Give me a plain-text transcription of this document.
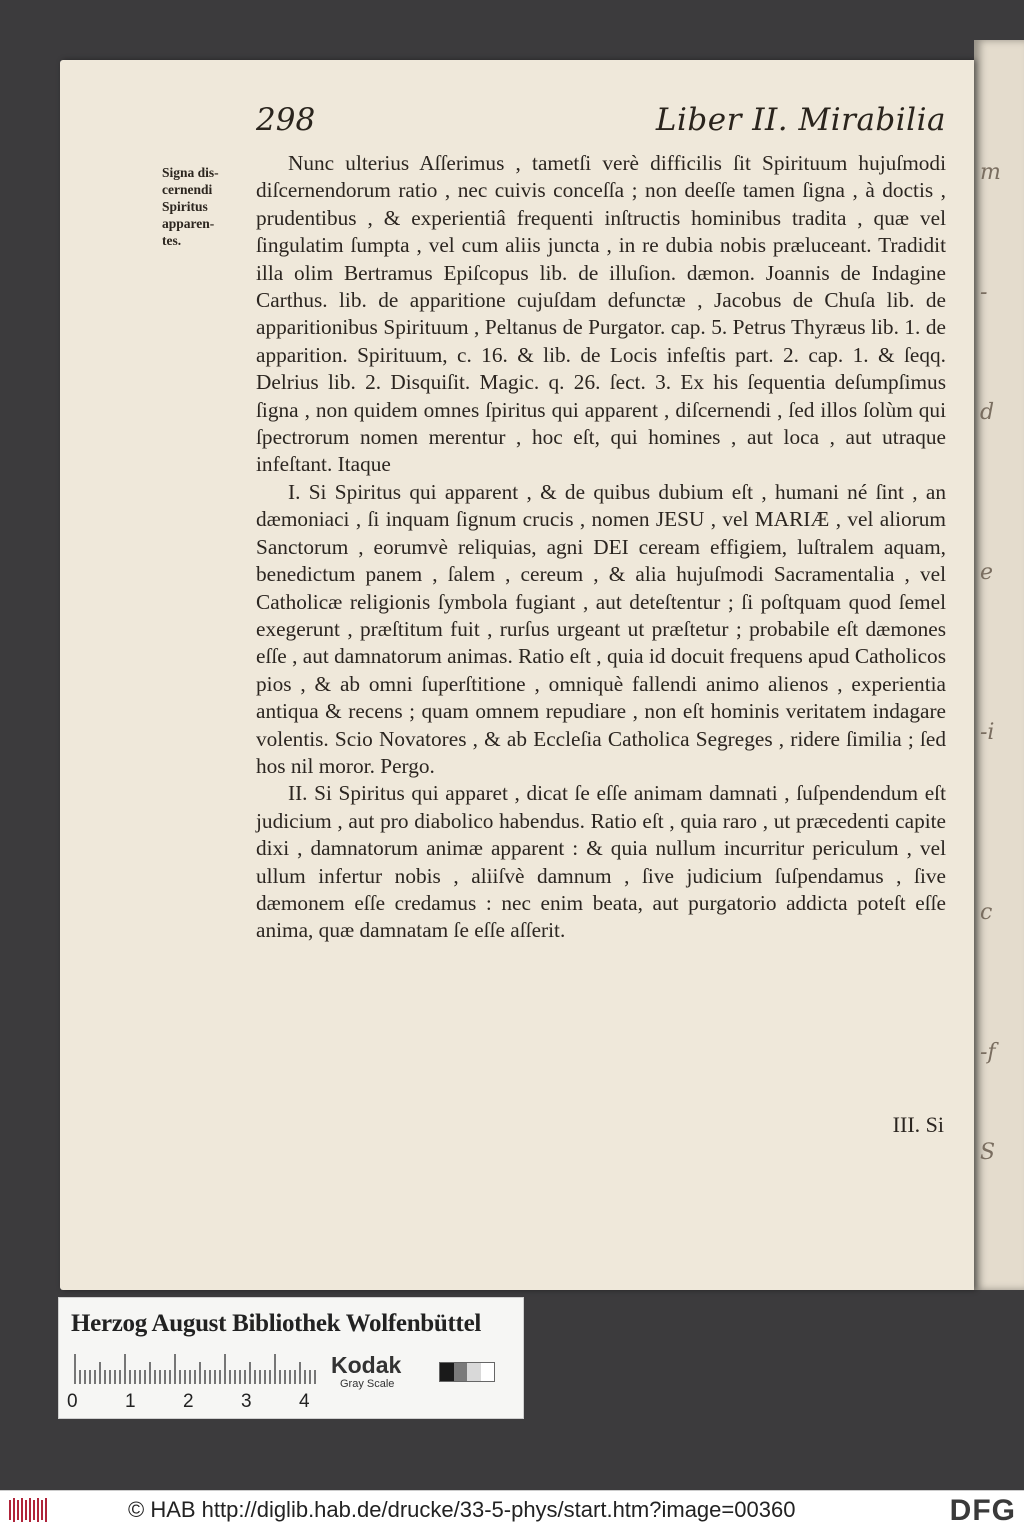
m
-
d
e
-i
c
-f
S
298	Liber II. Mirabilia
Signa dis-
cernendi
Spiritus
apparen-
tes.

Nunc ulterius Aſſerimus , tametſi verè difficilis ſit Spirituum hujuſmodi diſcernendorum ratio , nec cuivis conceſſa ; non deeſſe tamen ſigna , à doctis , prudentibus , & experientiâ frequenti inſtructis hominibus tradita , quæ vel ſingulatim ſumpta , vel cum aliis juncta , in re dubia nobis præluceant. Tradidit illa olim Bertramus Epiſcopus lib. de illuſion. dæmon. Joannis de Indagine Carthus. lib. de apparitione cujuſdam defunctæ , Jacobus de Chuſa lib. de apparitionibus Spirituum , Peltanus de Purgator. cap. 5. Petrus Thyræus lib. 1. de apparition. Spirituum, c. 16. & lib. de Locis infeſtis part. 2. cap. 1. & ſeqq. Delrius lib. 2. Disquiſit. Magic. q. 26. ſect. 3. Ex his ſequentia deſumpſimus ſigna , non quidem omnes ſpiritus qui apparent , diſcernendi , ſed illos ſolùm qui ſpectrorum nomen merentur , hoc eſt, qui homines , aut loca , aut utraque infeſtant. Itaque

I. Si Spiritus qui apparent , & de quibus dubium eſt , humani né ſint , an dæmoniaci , ſi inquam ſignum crucis , nomen JESU , vel MARIÆ , vel aliorum Sanctorum , eorumvè reliquias, agni DEI ceream effigiem, luſtralem aquam, benedictum panem , ſalem , cereum , & alia hujuſmodi Sacramentalia , vel Catholicæ religionis ſymbola fugiant , aut deteſtentur ; ſi poſtquam quod ſemel exegerunt , præſtitum fuit , rurſus urgeant ut præſtetur ; probabile eſt dæmones eſſe , aut damnatorum animas. Ratio eſt , quia id docuit frequens apud Catholicos pios , & ab omni ſuperſtitione , omniquè fallendi animo alienos , experientia antiqua & recens ; quam omnem repudiare , non eſt hominis veritatem indagare volentis. Scio Novatores , & ab Eccleſia Catholica Segreges , ridere ſimilia ; ſed hos nil moror. Pergo.

II. Si Spiritus qui apparet , dicat ſe eſſe animam damnati , ſuſpendendum eſt judicium , aut pro diabolico habendus. Ratio eſt , quia raro , ut præcedenti capite dixi , damnatorum animæ apparent : & quia nullum incurritur periculum , vel ullum infertur nobis , aliiſvè damnum , ſive judicium ſuſpendamus , ſive dæmonem eſſe credamus : nec enim beata, aut purgatorio addicta poteſt eſſe anima, quæ damnatam ſe eſſe aſſerit.

III. Si
Herzog August Bibliothek Wolfenbüttel
0 1 2 3 4
Kodak
Gray Scale
© HAB http://diglib.hab.de/drucke/33-5-phys/start.htm?image=00360	DFG
